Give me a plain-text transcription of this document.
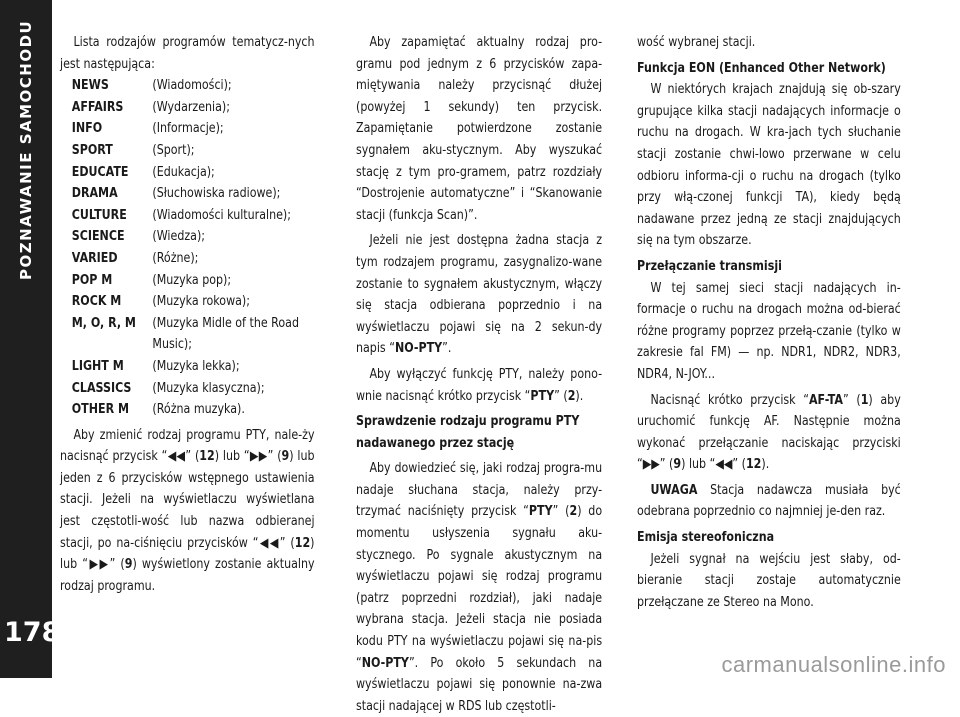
POZNAWANIE SAMOCHODU
178

Lista rodzajów programów tematycz-nych jest następująca:

NEWS	(Wiadomości);
AFFAIRS	(Wydarzenia);
INFO	(Informacje);
SPORT	(Sport);
EDUCATE	(Edukacja);
DRAMA	(Słuchowiska radiowe);
CULTURE	(Wiadomości kulturalne);
SCIENCE	(Wiedza);
VARIED	(Różne);
POP M	(Muzyka pop);
ROCK M	(Muzyka rokowa);
M, O, R, M	(Muzyka Midle of the Road Music);
LIGHT M	(Muzyka lekka);
CLASSICS	(Muzyka klasyczna);
OTHER M	(Różna muzyka).

Aby zmienić rodzaj programu PTY, nale-ży nacisnąć przycisk “◀◀” (12) lub “▶▶” (9) lub jeden z 6 przycisków wstępnego ustawienia stacji. Jeżeli na wyświetlaczu wyświetlana jest częstotli-wość lub nazwa odbieranej stacji, po na-ciśnięciu przycisków “◀◀” (12) lub “▶▶” (9) wyświetlony zostanie aktualny rodzaj programu.

Aby zapamiętać aktualny rodzaj pro-gramu pod jednym z 6 przycisków zapa-miętywania należy przycisnąć dłużej (powyżej 1 sekundy) ten przycisk. Zapamiętanie potwierdzone zostanie sygnałem aku-stycznym. Aby wyszukać stację z tym pro-gramem, patrz rozdziały “Dostrojenie automatyczne” i “Skanowanie stacji (funkcja Scan)”.

Jeżeli nie jest dostępna żadna stacja z tym rodzajem programu, zasygnalizo-wane zostanie to sygnałem akustycznym, włączy się stacja odbierana poprzednio i na wyświetlaczu pojawi się na 2 sekun-dy napis “NO-PTY”.

Aby wyłączyć funkcję PTY, należy pono-wnie nacisnąć krótko przycisk “PTY” (2).

Sprawdzenie rodzaju programu PTY nadawanego przez stację

Aby dowiedzieć się, jaki rodzaj progra-mu nadaje słuchana stacja, należy przy-trzymać naciśnięty przycisk “PTY” (2) do momentu usłyszenia sygnału aku-stycznego. Po sygnale akustycznym na wyświetlaczu pojawi się rodzaj programu (patrz poprzedni rozdział), jaki nadaje wybrana stacja. Jeżeli stacja nie posiada kodu PTY na wyświetlaczu pojawi się na-pis “NO-PTY”. Po około 5 sekundach na wyświetlaczu pojawi się ponownie na-zwa stacji nadającej w RDS lub częstotli-

wość wybranej stacji.

Funkcja EON (Enhanced Other Network)

W niektórych krajach znajdują się ob-szary grupujące kilka stacji nadających informacje o ruchu na drogach. W kra-jach tych słuchanie stacji zostanie chwi-lowo przerwane w celu odbioru informa-cji o ruchu na drogach (tylko przy włą-czonej funkcji TA), kiedy będą nadawane przez jedną ze stacji znajdujących się na tym obszarze.

Przełączanie transmisji

W tej samej sieci stacji nadających in-formacje o ruchu na drogach można od-bierać różne programy poprzez przełą-czanie (tylko w zakresie fal FM) — np. NDR1, NDR2, NDR3, NDR4, N-JOY...

Nacisnąć krótko przycisk “AF-TA” (1) aby uruchomić funkcję AF. Następnie można wykonać przełączanie naciskając przyciski “▶▶” (9) lub “◀◀” (12).

UWAGA Stacja nadawcza musiała być odebrana poprzednio co najmniej je-den raz.

Emisja stereofoniczna

Jeżeli sygnał na wejściu jest słaby, od-bieranie stacji zostaje automatycznie przełączane ze Stereo na Mono.

carmanualsonline.info
